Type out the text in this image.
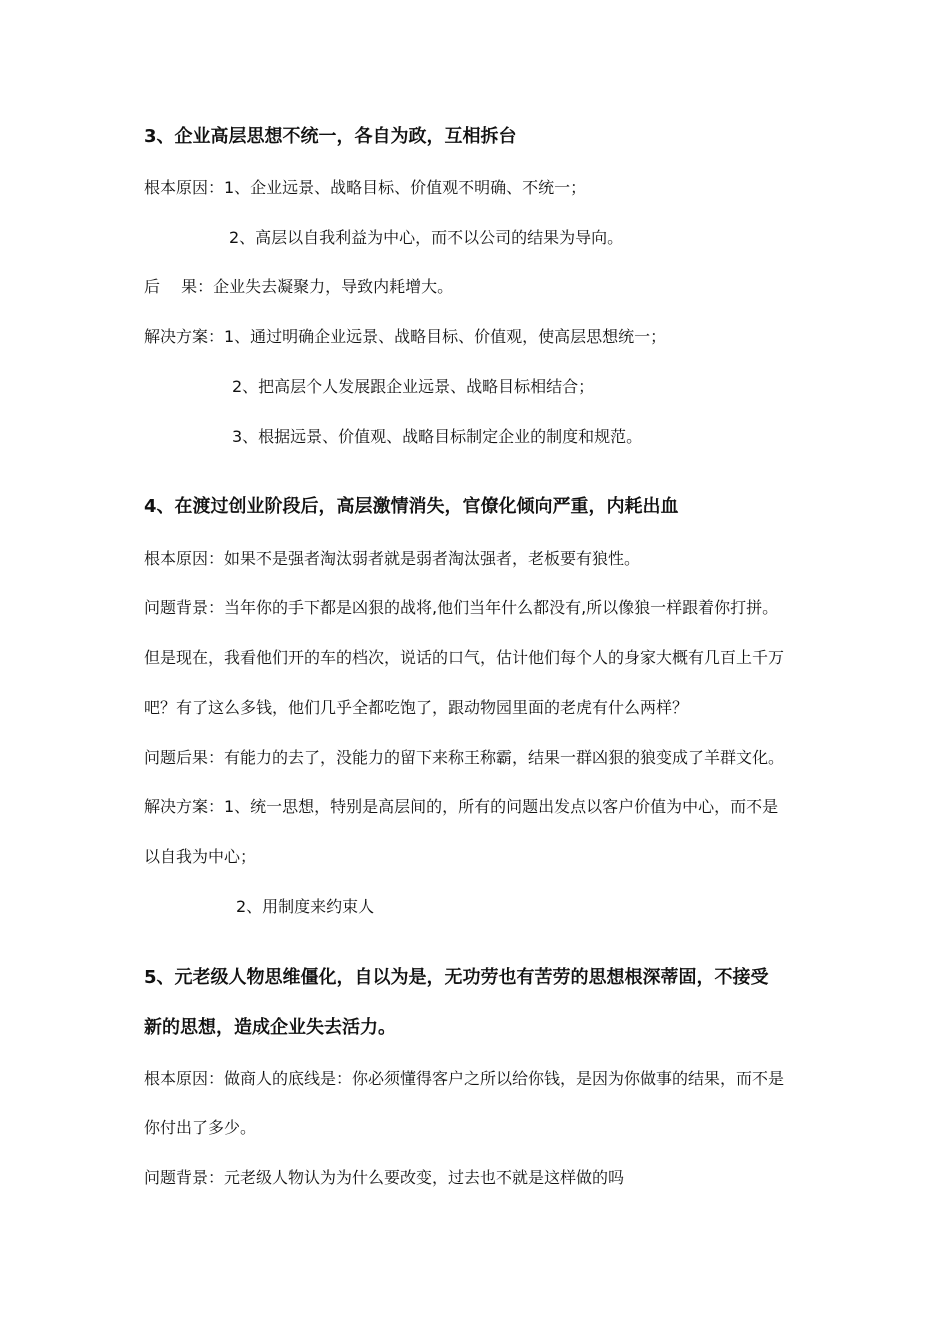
3、企业高层思想不统一，各自为政，互相拆台
根本原因：1、企业远景、战略目标、价值观不明确、不统一；
2、高层以自我利益为中心，而不以公司的结果为导向。
后　 果：企业失去凝聚力，导致内耗增大。
解决方案：1、通过明确企业远景、战略目标、价值观，使高层思想统一；
2、把高层个人发展跟企业远景、战略目标相结合；
3、根据远景、价值观、战略目标制定企业的制度和规范。
4、在渡过创业阶段后，高层激情消失，官僚化倾向严重，内耗出血
根本原因：如果不是强者淘汰弱者就是弱者淘汰强者，老板要有狼性。
问题背景：当年你的手下都是凶狠的战将,他们当年什么都没有,所以像狼一样跟着你打拼。
但是现在，我看他们开的车的档次，说话的口气，估计他们每个人的身家大概有几百上千万
吧？有了这么多钱，他们几乎全都吃饱了，跟动物园里面的老虎有什么两样？
问题后果：有能力的去了，没能力的留下来称王称霸，结果一群凶狠的狼变成了羊群文化。
解决方案：1、统一思想，特别是高层间的，所有的问题出发点以客户价值为中心，而不是
以自我为中心；
2、用制度来约束人
5、元老级人物思维僵化，自以为是，无功劳也有苦劳的思想根深蒂固，不接受
新的思想，造成企业失去活力。
根本原因：做商人的底线是：你必须懂得客户之所以给你钱，是因为你做事的结果，而不是
你付出了多少。
问题背景：元老级人物认为为什么要改变，过去也不就是这样做的吗
